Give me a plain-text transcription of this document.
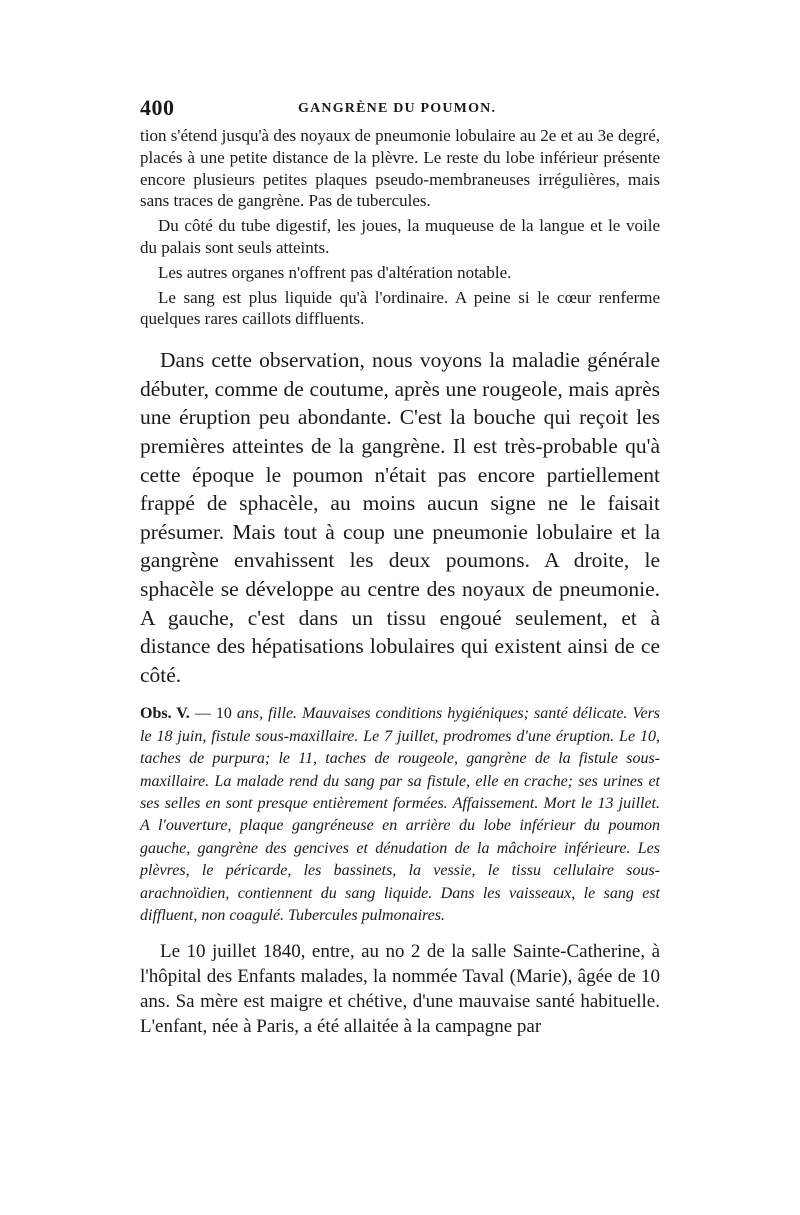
400	GANGRÈNE DU POUMON.

tion s'étend jusqu'à des noyaux de pneumonie lobulaire au 2e et au 3e degré, placés à une petite distance de la plèvre. Le reste du lobe inférieur présente encore plusieurs petites plaques pseudo-membraneuses irrégulières, mais sans traces de gangrène. Pas de tubercules.

Du côté du tube digestif, les joues, la muqueuse de la langue et le voile du palais sont seuls atteints.

Les autres organes n'offrent pas d'altération notable.

Le sang est plus liquide qu'à l'ordinaire. A peine si le cœur renferme quelques rares caillots diffluents.

Dans cette observation, nous voyons la maladie générale débuter, comme de coutume, après une rougeole, mais après une éruption peu abondante. C'est la bouche qui reçoit les premières atteintes de la gangrène. Il est très-probable qu'à cette époque le poumon n'était pas encore partiellement frappé de sphacèle, au moins aucun signe ne le faisait présumer. Mais tout à coup une pneumonie lobulaire et la gangrène envahissent les deux poumons. A droite, le sphacèle se développe au centre des noyaux de pneumonie. A gauche, c'est dans un tissu engoué seulement, et à distance des hépatisations lobulaires qui existent ainsi de ce côté.

Obs. V. — 10 ans, fille. Mauvaises conditions hygiéniques; santé délicate. Vers le 18 juin, fistule sous-maxillaire. Le 7 juillet, prodromes d'une éruption. Le 10, taches de purpura; le 11, taches de rougeole, gangrène de la fistule sous-maxillaire. La malade rend du sang par sa fistule, elle en crache; ses urines et ses selles en sont presque entièrement formées. Affaissement. Mort le 13 juillet. A l'ouverture, plaque gangréneuse en arrière du lobe inférieur du poumon gauche, gangrène des gencives et dénudation de la mâchoire inférieure. Les plèvres, le péricarde, les bassinets, la vessie, le tissu cellulaire sous-arachnoïdien, contiennent du sang liquide. Dans les vaisseaux, le sang est diffluent, non coagulé. Tubercules pulmonaires.

Le 10 juillet 1840, entre, au no 2 de la salle Sainte-Catherine, à l'hôpital des Enfants malades, la nommée Taval (Marie), âgée de 10 ans. Sa mère est maigre et chétive, d'une mauvaise santé habituelle. L'enfant, née à Paris, a été allaitée à la campagne par
